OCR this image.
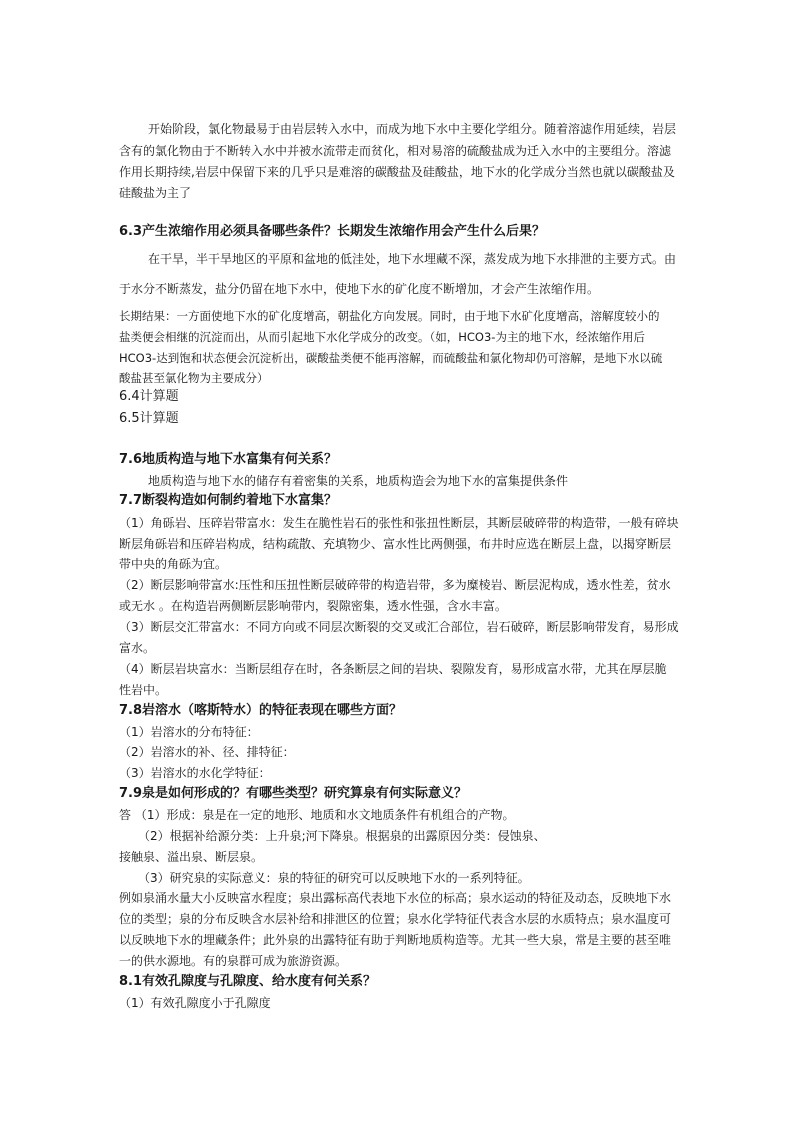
开始阶段，氯化物最易于由岩层转入水中，而成为地下水中主要化学组分。随着溶滤作用延续，岩层
含有的氯化物由于不断转入水中并被水流带走而贫化，相对易溶的硫酸盐成为迁入水中的主要组分。溶滤
作用长期持续,岩层中保留下来的几乎只是难溶的碳酸盐及硅酸盐，地下水的化学成分当然也就以碳酸盐及
硅酸盐为主了
6.3产生浓缩作用必须具备哪些条件？长期发生浓缩作用会产生什么后果？
在干旱，半干旱地区的平原和盆地的低洼处，地下水埋藏不深，蒸发成为地下水排泄的主要方式。由
于水分不断蒸发，盐分仍留在地下水中，使地下水的矿化度不断增加，才会产生浓缩作用。
长期结果：一方面使地下水的矿化度增高，朝盐化方向发展。同时，由于地下水矿化度增高，溶解度较小的
盐类便会相继的沉淀而出，从而引起地下水化学成分的改变。（如，HCO3-为主的地下水，经浓缩作用后
HCO3-达到饱和状态便会沉淀析出，碳酸盐类便不能再溶解，而硫酸盐和氯化物却仍可溶解，是地下水以硫
酸盐甚至氯化物为主要成分）
6.4计算题
6.5计算题
7.6地质构造与地下水富集有何关系？
地质构造与地下水的储存有着密集的关系，地质构造会为地下水的富集提供条件
7.7断裂构造如何制约着地下水富集？
（1）角砾岩、压碎岩带富水：发生在脆性岩石的张性和张扭性断层，其断层破碎带的构造带，一般有碎块
断层角砾岩和压碎岩构成，结构疏散、充填物少、富水性比两侧强，布井时应选在断层上盘，以揭穿断层
带中央的角砾为宜。
（2）断层影响带富水:压性和压扭性断层破碎带的构造岩带，多为糜棱岩、断层泥构成，透水性差，贫水
或无水 。在构造岩两侧断层影响带内，裂隙密集，透水性强，含水丰富。
（3）断层交汇带富水：不同方向或不同层次断裂的交叉或汇合部位，岩石破碎，断层影响带发育，易形成
富水。
（4）断层岩块富水：当断层组存在时，各条断层之间的岩块、裂隙发育，易形成富水带，尤其在厚层脆
性岩中。
7.8岩溶水（喀斯特水）的特征表现在哪些方面？
（1）岩溶水的分布特征：
（2）岩溶水的补、径、排特征：
（3）岩溶水的水化学特征：
7.9泉是如何形成的？有哪些类型？研究算泉有何实际意义？
答 （1）形成：泉是在一定的地形、地质和水文地质条件有机组合的产物。
（2）根据补给源分类：上升泉;河下降泉。根据泉的出露原因分类：侵蚀泉、
接触泉、溢出泉、断层泉。
（3）研究泉的实际意义：泉的特征的研究可以反映地下水的一系列特征。
例如泉涌水量大小反映富水程度；泉出露标高代表地下水位的标高；泉水运动的特征及动态，反映地下水
位的类型；泉的分布反映含水层补给和排泄区的位置；泉水化学特征代表含水层的水质特点；泉水温度可
以反映地下水的埋藏条件；此外泉的出露特征有助于判断地质构造等。尤其一些大泉，常是主要的甚至唯
一的供水源地。有的泉群可成为旅游资源。
8.1有效孔隙度与孔隙度、给水度有何关系？
（1）有效孔隙度小于孔隙度
